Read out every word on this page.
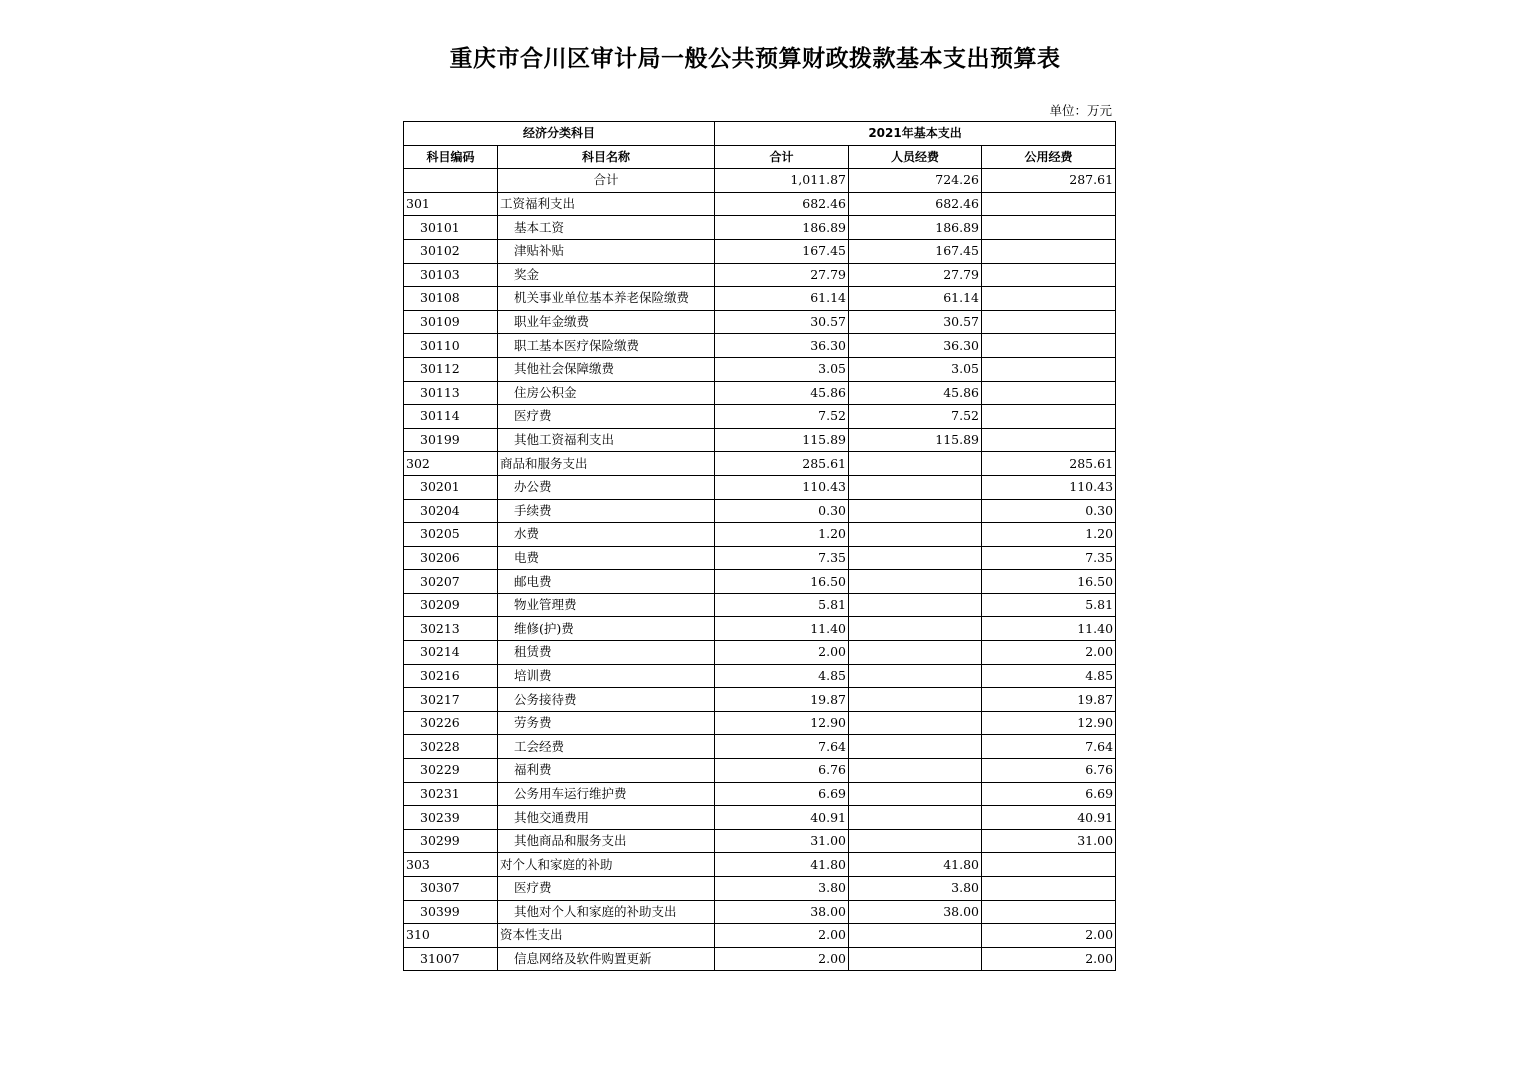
重庆市合川区审计局一般公共预算财政拨款基本支出预算表
单位：万元
经济分类科目		2021年基本支出		
科目编码	科目名称	合计	人员经费	公用经费
	合计	1,011.87	724.26	287.61
301	工资福利支出	682.46	682.46	
30101	基本工资	186.89	186.89	
30102	津贴补贴	167.45	167.45	
30103	奖金	27.79	27.79	
30108	机关事业单位基本养老保险缴费	61.14	61.14	
30109	职业年金缴费	30.57	30.57	
30110	职工基本医疗保险缴费	36.30	36.30	
30112	其他社会保障缴费	3.05	3.05	
30113	住房公积金	45.86	45.86	
30114	医疗费	7.52	7.52	
30199	其他工资福利支出	115.89	115.89	
302	商品和服务支出	285.61		285.61
30201	办公费	110.43		110.43
30204	手续费	0.30		0.30
30205	水费	1.20		1.20
30206	电费	7.35		7.35
30207	邮电费	16.50		16.50
30209	物业管理费	5.81		5.81
30213	维修(护)费	11.40		11.40
30214	租赁费	2.00		2.00
30216	培训费	4.85		4.85
30217	公务接待费	19.87		19.87
30226	劳务费	12.90		12.90
30228	工会经费	7.64		7.64
30229	福利费	6.76		6.76
30231	公务用车运行维护费	6.69		6.69
30239	其他交通费用	40.91		40.91
30299	其他商品和服务支出	31.00		31.00
303	对个人和家庭的补助	41.80	41.80	
30307	医疗费	3.80	3.80	
30399	其他对个人和家庭的补助支出	38.00	38.00	
310	资本性支出	2.00		2.00
31007	信息网络及软件购置更新	2.00		2.00
